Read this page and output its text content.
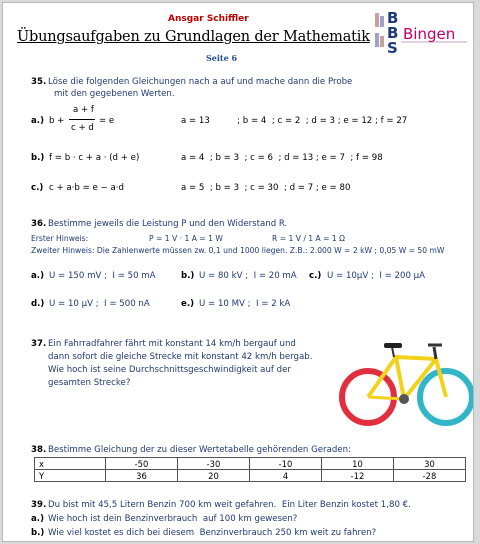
Ansgar Schiffler
Übungsaufgaben zu Grundlagen der Mathematik
Seite 6
B
B
S
Bingen
35. Löse die folgenden Gleichungen nach a auf und mache dann die Probe
mit den gegebenen Werten.
a.) b +
a + f
c + d
= e	a = 13          ; b = 4  ; c = 2  ; d = 3 ; e = 12 ; f = 27
b.) f = b · c + a · (d + e)	a = 4  ; b = 3  ; c = 6  ; d = 13 ; e = 7  ; f = 98
c.) c + a·b = e − a·d	a = 5  ; b = 3  ; c = 30  ; d = 7 ; e = 80
36. Bestimme jeweils die Leistung P und den Widerstand R.
Erster Hinweis:	P = 1 V · 1 A = 1 W	R = 1 V / 1 A = 1 Ω
Zweiter Hinweis: Die Zahlenwerte müssen zw. 0,1 und 1000 liegen. Z.B.: 2.000 W = 2 kW ; 0,05 W = 50 mW
a.) U = 150 mV ;  I = 50 mA	b.) U = 80 kV ;  I = 20 mA c.) U = 10μV ;  I = 200 μA
d.) U = 10 μV ;  I = 500 nA	e.) U = 10 MV ;  I = 2 kA
37. Ein Fahrradfahrer fährt mit konstant 14 km/h bergauf und
dann sofort die gleiche Strecke mit konstant 42 km/h bergab.
Wie hoch ist seine Durchschnittsgeschwindigkeit auf der
gesamten Strecke?
38. Bestimme Gleichung der zu dieser Wertetabelle gehörenden Geraden:
x	-50	-30	-10	10	30
Y	36	20	4	-12	-28
39. Du bist mit 45,5 Litern Benzin 700 km weit gefahren.  Ein Liter Benzin kostet 1,80 €.
a.) Wie hoch ist dein Benzinverbrauch  auf 100 km gewesen?
b.) Wie viel kostet es dich bei diesem  Benzinverbrauch 250 km weit zu fahren?
